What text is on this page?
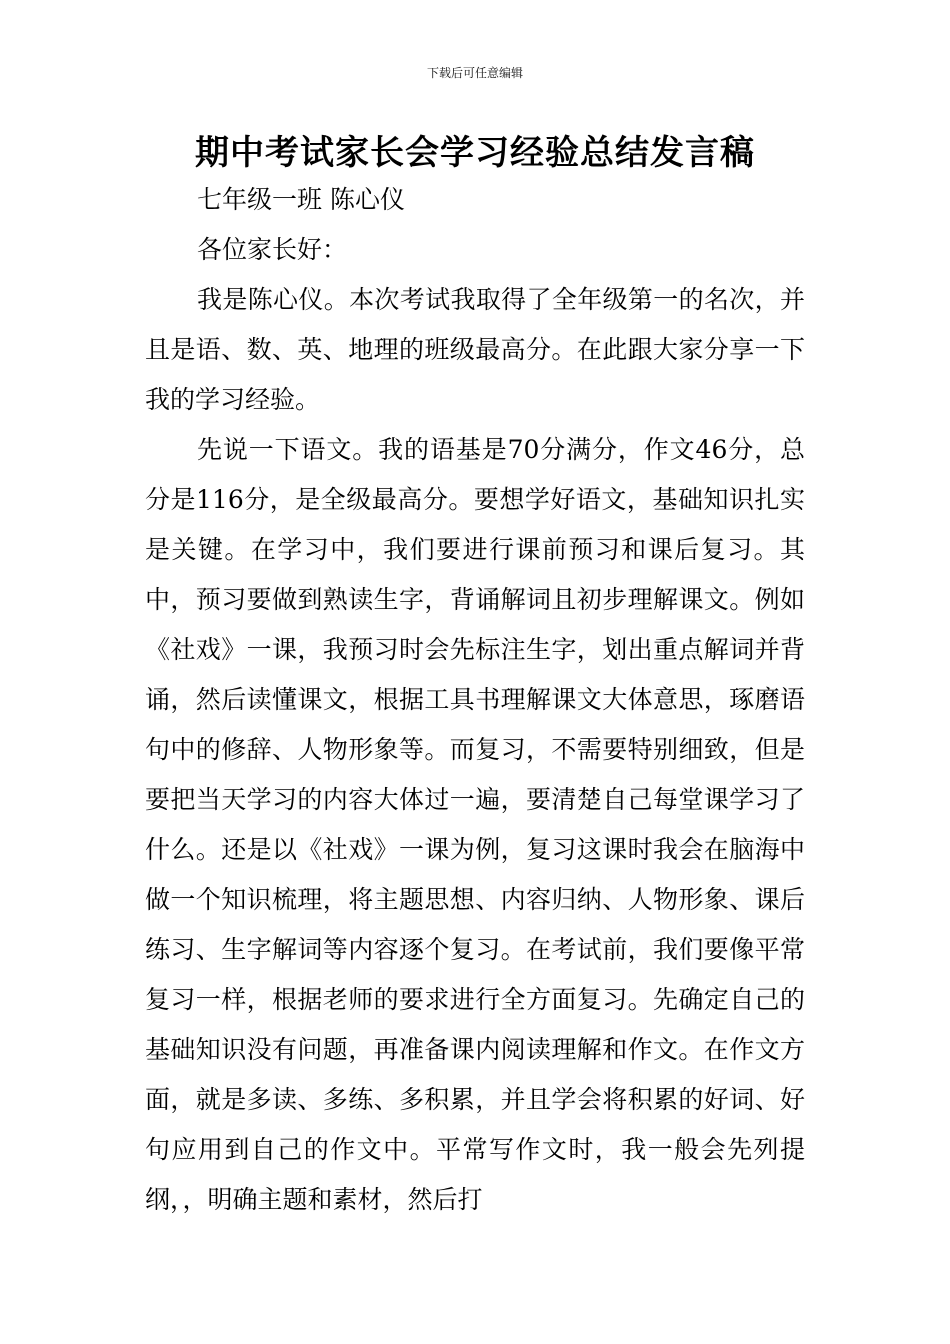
下载后可任意编辑
期中考试家长会学习经验总结发言稿
七年级一班 陈心仪
各位家长好：
我是陈心仪。本次考试我取得了全年级第一的名次，并且是语、数、英、地理的班级最高分。在此跟大家分享一下我的学习经验。
先说一下语文。我的语基是70分满分，作文46分，总分是116分，是全级最高分。要想学好语文，基础知识扎实是关键。在学习中，我们要进行课前预习和课后复习。其中，预习要做到熟读生字，背诵解词且初步理解课文。例如《社戏》一课，我预习时会先标注生字，划出重点解词并背诵，然后读懂课文，根据工具书理解课文大体意思，琢磨语句中的修辞、人物形象等。而复习，不需要特别细致，但是要把当天学习的内容大体过一遍，要清楚自己每堂课学习了什么。还是以《社戏》一课为例，复习这课时我会在脑海中做一个知识梳理，将主题思想、内容归纳、人物形象、课后练习、生字解词等内容逐个复习。在考试前，我们要像平常复习一样，根据老师的要求进行全方面复习。先确定自己的基础知识没有问题，再准备课内阅读理解和作文。在作文方面，就是多读、多练、多积累，并且学会将积累的好词、好句应用到自己的作文中。平常写作文时，我一般会先列提纲，，明确主题和素材，然后打
